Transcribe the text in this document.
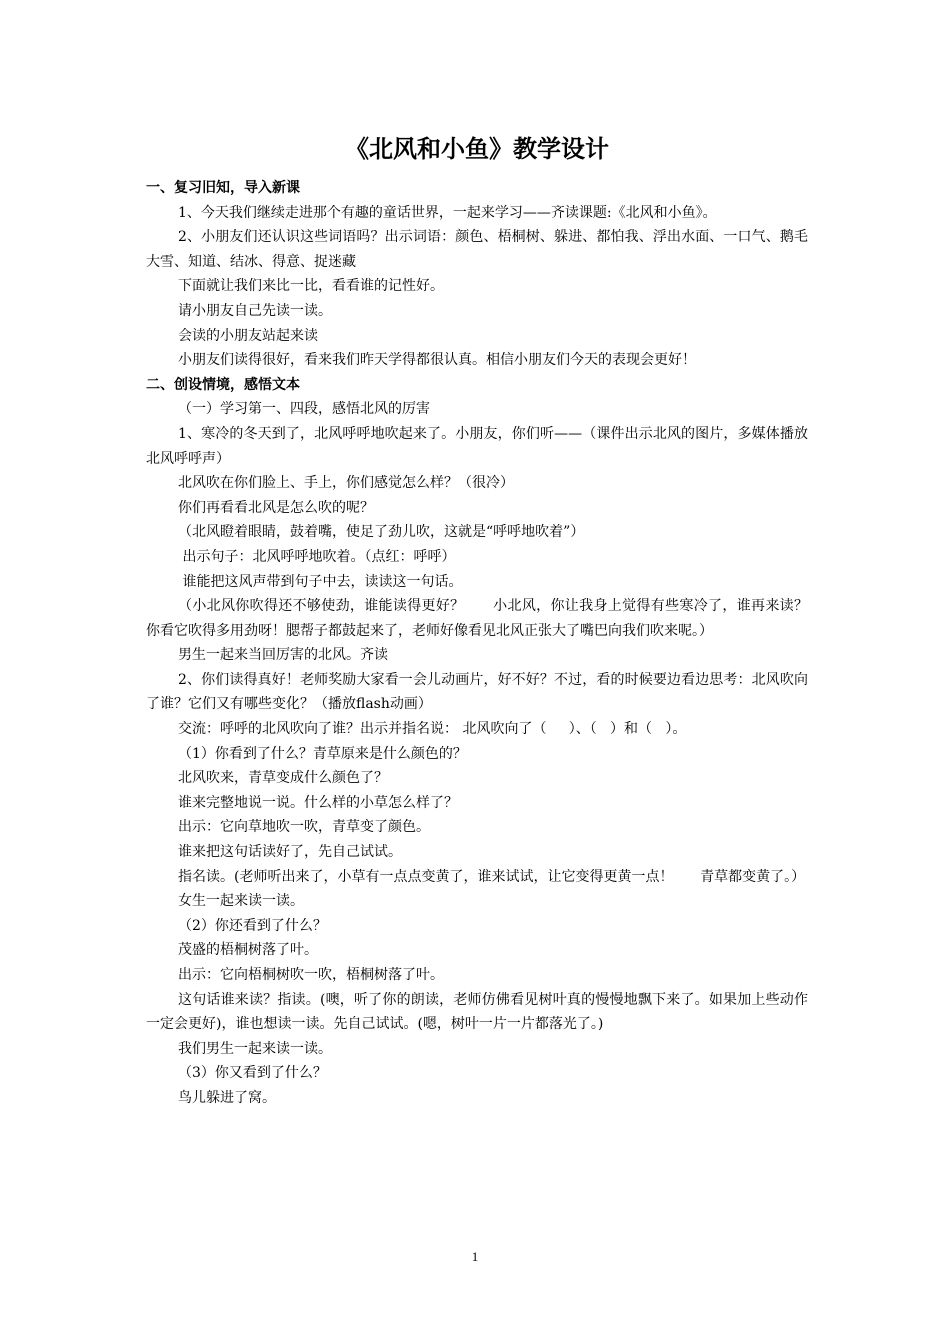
《北风和小鱼》教学设计

一、复习旧知，导入新课

1、今天我们继续走进那个有趣的童话世界，一起来学习——齐读课题:《北风和小鱼》。

2、小朋友们还认识这些词语吗？出示词语：颜色、梧桐树、躲进、都怕我、浮出水面、一口气、鹅毛大雪、知道、结冰、得意、捉迷藏

下面就让我们来比一比，看看谁的记性好。

请小朋友自己先读一读。

会读的小朋友站起来读

小朋友们读得很好，看来我们昨天学得都很认真。相信小朋友们今天的表现会更好！

二、创设情境，感悟文本

（一）学习第一、四段，感悟北风的厉害

1、寒冷的冬天到了，北风呼呼地吹起来了。小朋友，你们听——（课件出示北风的图片，多媒体播放北风呼呼声）

北风吹在你们脸上、手上，你们感觉怎么样？（很冷）

你们再看看北风是怎么吹的呢？

（北风瞪着眼睛，鼓着嘴，使足了劲儿吹，这就是“呼呼地吹着”）

出示句子：北风呼呼地吹着。（点红：呼呼）

谁能把这风声带到句子中去，读读这一句话。

（小北风你吹得还不够使劲，谁能读得更好？      小北风，你让我身上觉得有些寒冷了，谁再来读？     你看它吹得多用劲呀！腮帮子都鼓起来了，老师好像看见北风正张大了嘴巴向我们吹来呢。）

男生一起来当回厉害的北风。齐读

2、你们读得真好！老师奖励大家看一会儿动画片，好不好？不过，看的时候要边看边思考：北风吹向了谁？它们又有哪些变化？（播放flash动画）

交流：呼呼的北风吹向了谁？出示并指名说： 北风吹向了（     ）、（   ）和（   ）。

（1）你看到了什么？青草原来是什么颜色的？

北风吹来，青草变成什么颜色了？

谁来完整地说一说。什么样的小草怎么样了？

出示：它向草地吹一吹，青草变了颜色。

谁来把这句话读好了，先自己试试。

指名读。(老师听出来了，小草有一点点变黄了，谁来试试，让它变得更黄一点！      青草都变黄了。）

女生一起来读一读。

（2）你还看到了什么？

茂盛的梧桐树落了叶。

出示：它向梧桐树吹一吹，梧桐树落了叶。

这句话谁来读？指读。(噢，听了你的朗读，老师仿佛看见树叶真的慢慢地飘下来了。如果加上些动作一定会更好)，谁也想读一读。先自己试试。(嗯，树叶一片一片都落光了。)

我们男生一起来读一读。

（3）你又看到了什么？

鸟儿躲进了窝。

1
